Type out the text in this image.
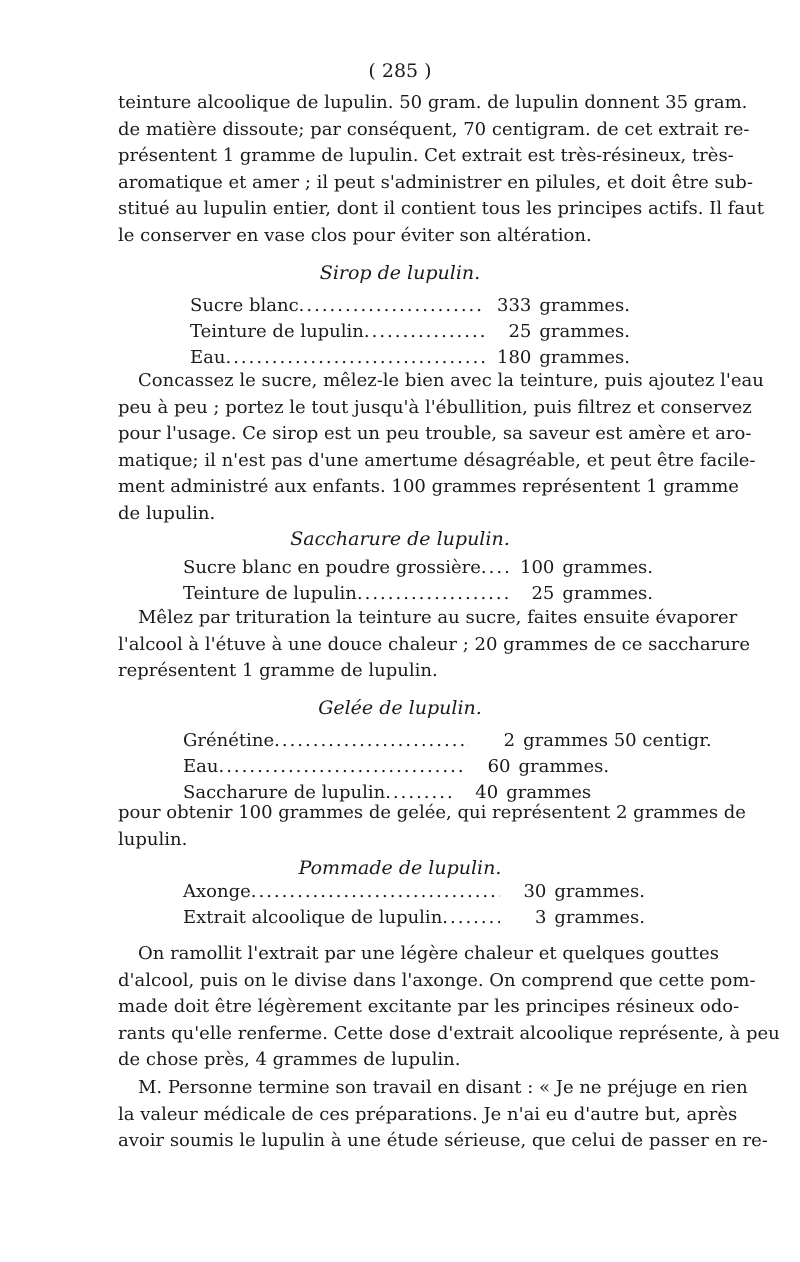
( 285 )
teinture alcoolique de lupulin. 50 gram. de lupulin donnent 35 gram.
de matière dissoute; par conséquent, 70 centigram. de cet extrait re-
présentent 1 gramme de lupulin. Cet extrait est très-résineux, très-
aromatique et amer ; il peut s'administrer en pilules, et doit être sub-
stitué au lupulin entier, dont il contient tous les principes actifs. Il faut
le conserver en vase clos pour éviter son altération.
Sirop de lupulin.
Sucre blanc .....	333 grammes.
Teinture de lupulin .....	25 grammes.
Eau .....	180 grammes.
Concassez le sucre, mêlez-le bien avec la teinture, puis ajoutez l'eau
peu à peu ; portez le tout jusqu'à l'ébullition, puis filtrez et conservez
pour l'usage. Ce sirop est un peu trouble, sa saveur est amère et aro-
matique; il n'est pas d'une amertume désagréable, et peut être facile-
ment administré aux enfants. 100 grammes représentent 1 gramme
de lupulin.
Saccharure de lupulin.
Sucre blanc en poudre grossière .....	100 grammes.
Teinture de lupulin .....	25 grammes.
Mêlez par trituration la teinture au sucre, faites ensuite évaporer
l'alcool à l'étuve à une douce chaleur ; 20 grammes de ce saccharure
représentent 1 gramme de lupulin.
Gelée de lupulin.
Grénétine .....	2 grammes 50 centigr.
Eau .....	60 grammes.
Saccharure de lupulin .....	40 grammes
pour obtenir 100 grammes de gelée, qui représentent 2 grammes de
lupulin.
Pommade de lupulin.
Axonge .....	30 grammes.
Extrait alcoolique de lupulin .....	3 grammes.
On ramollit l'extrait par une légère chaleur et quelques gouttes
d'alcool, puis on le divise dans l'axonge. On comprend que cette pom-
made doit être légèrement excitante par les principes résineux odo-
rants qu'elle renferme. Cette dose d'extrait alcoolique représente, à peu
de chose près, 4 grammes de lupulin.
M. Personne termine son travail en disant : « Je ne préjuge en rien
la valeur médicale de ces préparations. Je n'ai eu d'autre but, après
avoir soumis le lupulin à une étude sérieuse, que celui de passer en re-
